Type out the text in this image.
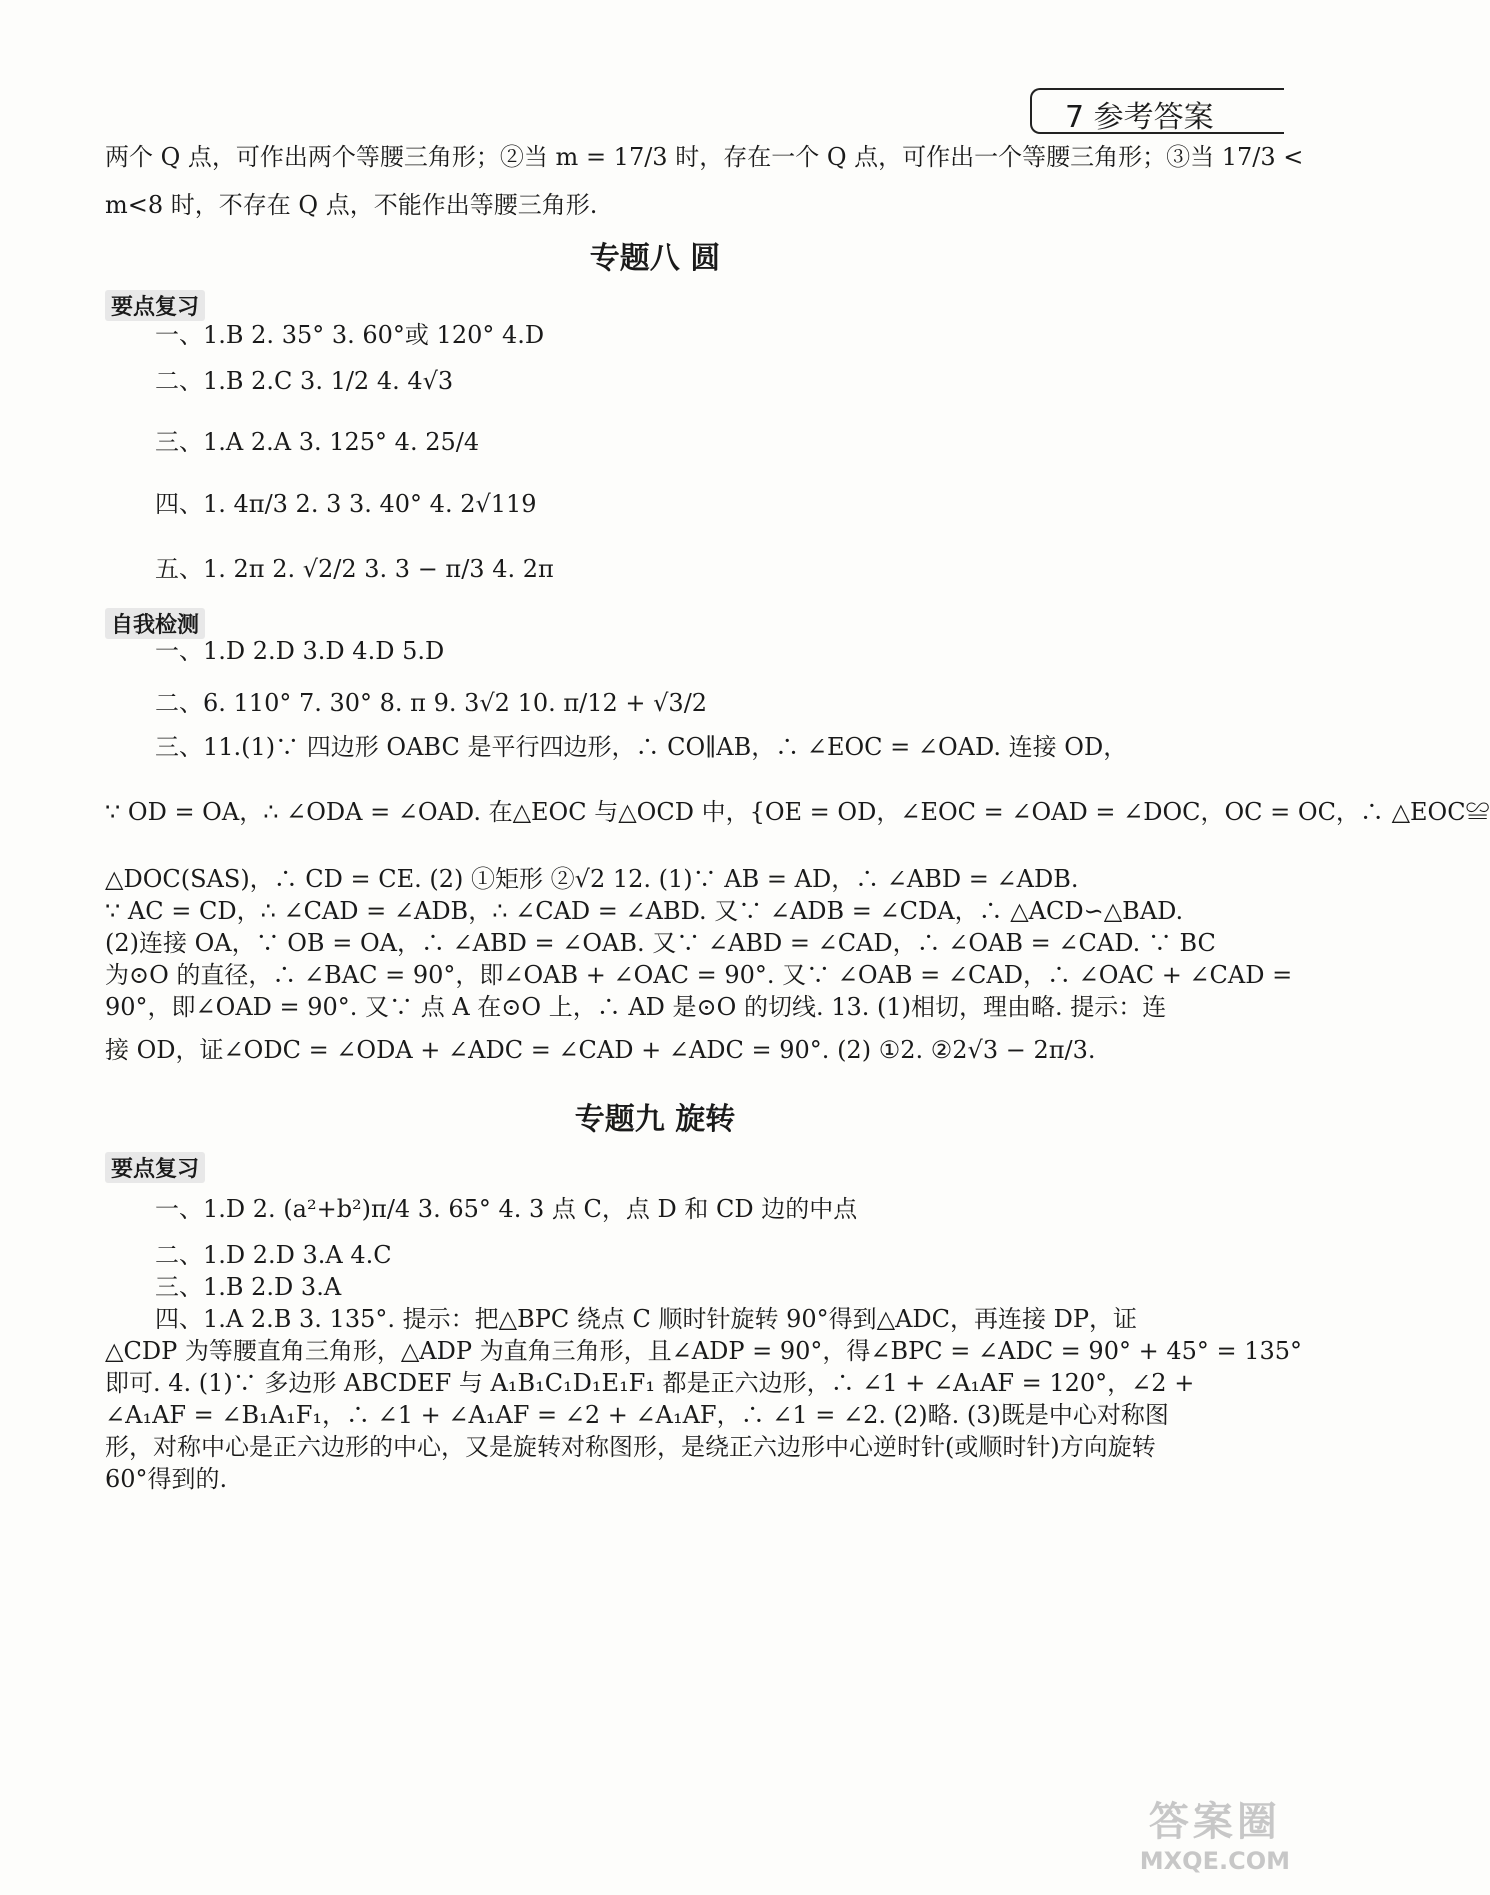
7 参考答案
两个 Q 点，可作出两个等腰三角形；②当 m = 17/3 时，存在一个 Q 点，可作出一个等腰三角形；③当 17/3 <
m<8 时，不存在 Q 点，不能作出等腰三角形.
专题八 圆
要点复习
一、1.B 2. 35° 3. 60°或 120° 4.D
二、1.B 2.C 3. 1/2 4. 4√3
三、1.A 2.A 3. 125° 4. 25/4
四、1. 4π/3 2. 3 3. 40° 4. 2√119
五、1. 2π 2. √2/2 3. 3 − π/3 4. 2π
自我检测
一、1.D 2.D 3.D 4.D 5.D
二、6. 110° 7. 30° 8. π 9. 3√2 10. π/12 + √3/2
三、11.(1)∵ 四边形 OABC 是平行四边形，∴ CO∥AB，∴ ∠EOC = ∠OAD. 连接 OD，
∵ OD = OA，∴ ∠ODA = ∠OAD. 在△EOC 与△OCD 中，{OE = OD，∠EOC = ∠OAD = ∠DOC，OC = OC，∴ △EOC≌
△DOC(SAS)，∴ CD = CE. (2) ①矩形 ②√2 12. (1)∵ AB = AD，∴ ∠ABD = ∠ADB.
∵ AC = CD，∴ ∠CAD = ∠ADB，∴ ∠CAD = ∠ABD. 又∵ ∠ADB = ∠CDA，∴ △ACD∽△BAD.
(2)连接 OA，∵ OB = OA，∴ ∠ABD = ∠OAB. 又∵ ∠ABD = ∠CAD，∴ ∠OAB = ∠CAD. ∵ BC
为⊙O 的直径，∴ ∠BAC = 90°，即∠OAB + ∠OAC = 90°. 又∵ ∠OAB = ∠CAD，∴ ∠OAC + ∠CAD =
90°，即∠OAD = 90°. 又∵ 点 A 在⊙O 上，∴ AD 是⊙O 的切线. 13. (1)相切，理由略. 提示：连
接 OD，证∠ODC = ∠ODA + ∠ADC = ∠CAD + ∠ADC = 90°. (2) ①2. ②2√3 − 2π/3.
专题九 旋转
要点复习
一、1.D 2. (a²+b²)π/4 3. 65° 4. 3 点 C，点 D 和 CD 边的中点
二、1.D 2.D 3.A 4.C
三、1.B 2.D 3.A
四、1.A 2.B 3. 135°. 提示：把△BPC 绕点 C 顺时针旋转 90°得到△ADC，再连接 DP，证
△CDP 为等腰直角三角形，△ADP 为直角三角形，且∠ADP = 90°，得∠BPC = ∠ADC = 90° + 45° = 135°
即可. 4. (1)∵ 多边形 ABCDEF 与 A₁B₁C₁D₁E₁F₁ 都是正六边形，∴ ∠1 + ∠A₁AF = 120°，∠2 +
∠A₁AF = ∠B₁A₁F₁，∴ ∠1 + ∠A₁AF = ∠2 + ∠A₁AF，∴ ∠1 = ∠2. (2)略. (3)既是中心对称图
形，对称中心是正六边形的中心，又是旋转对称图形，是绕正六边形中心逆时针(或顺时针)方向旋转
60°得到的.
答案圈
MXQE.COM
